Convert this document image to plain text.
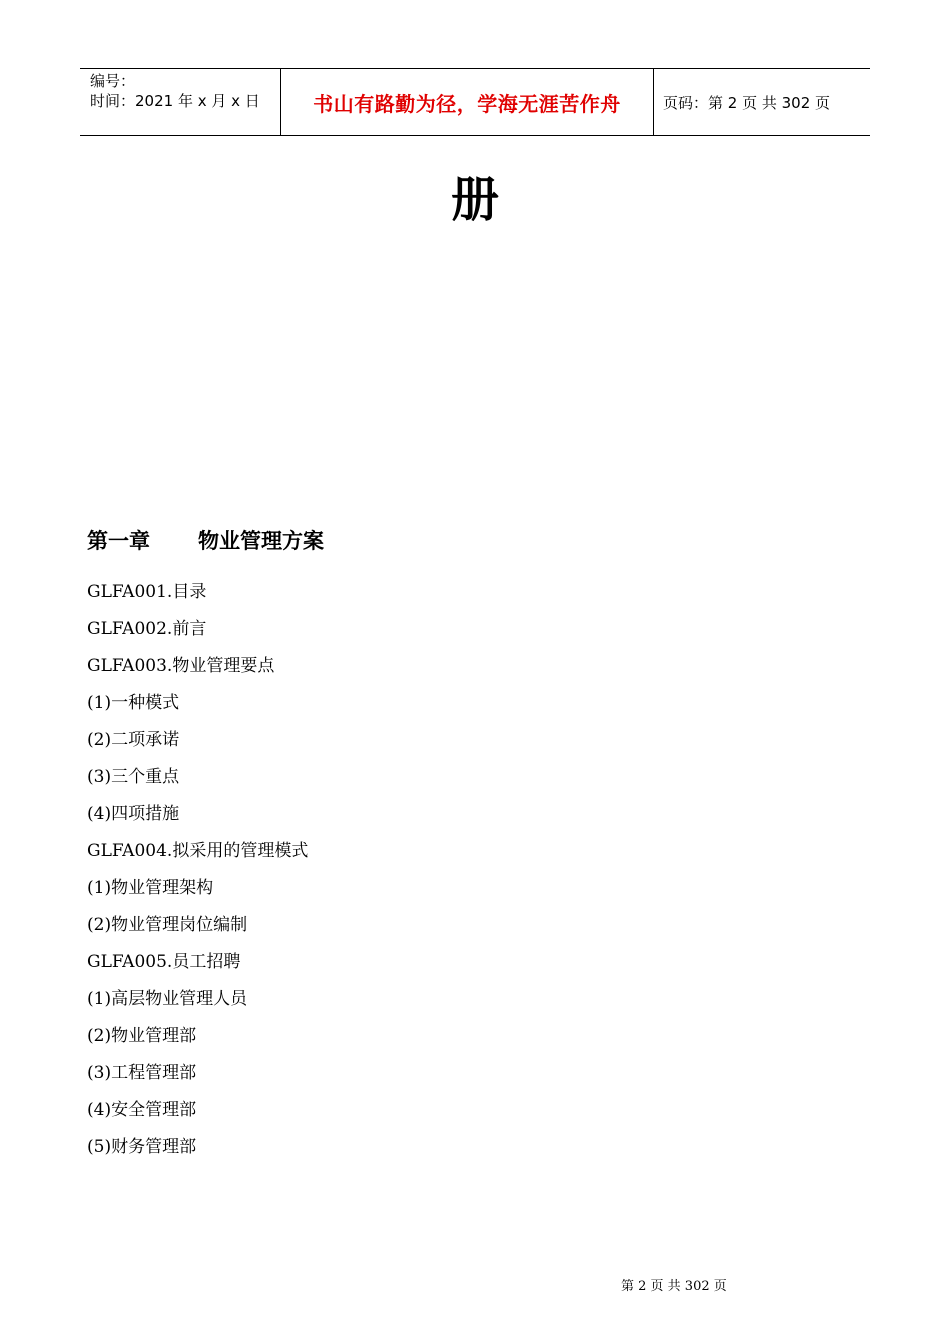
编号：
时间：2021 年 x 月 x 日	书山有路勤为径，学海无涯苦作舟	页码：第 2 页 共 302 页
册
第一章 物业管理方案
GLFA001.目录
GLFA002.前言
GLFA003.物业管理要点
(1)一种模式
(2)二项承诺
(3)三个重点
(4)四项措施
GLFA004.拟采用的管理模式
(1)物业管理架构
(2)物业管理岗位编制
GLFA005.员工招聘
(1)高层物业管理人员
(2)物业管理部
(3)工程管理部
(4)安全管理部
(5)财务管理部
第 2 页 共 302 页
